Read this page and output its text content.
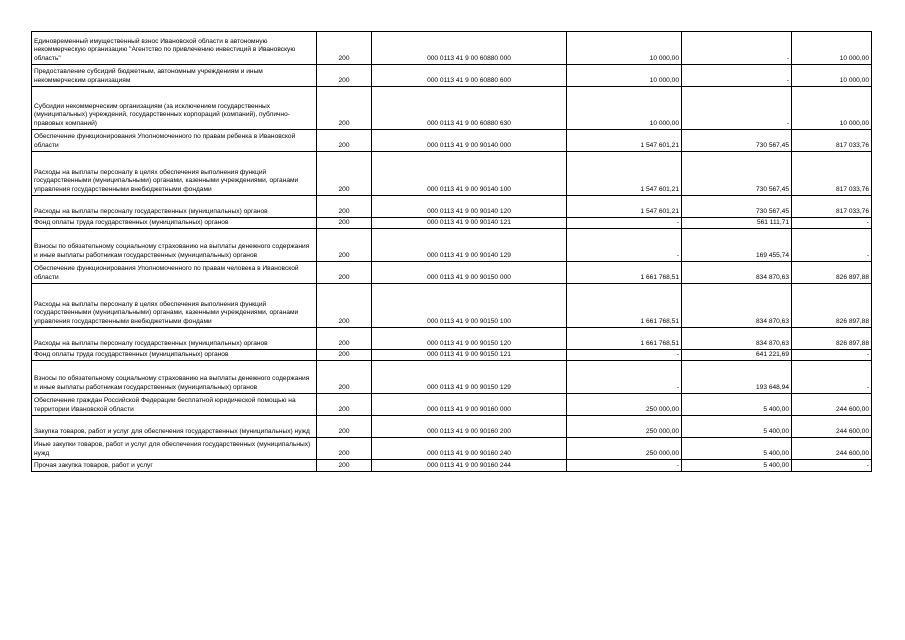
Единовременный имущественный взнос Ивановской области в автономную некоммерческую организацию "Агентство по привлечению инвестиций в Ивановскую область"	200	000 0113 41 9 00 60880 000	10 000,00	-	10 000,00
Предоставление субсидий бюджетным, автономным учреждениям и иным некоммерческим организациям	200	000 0113 41 9 00 60880 600	10 000,00	-	10 000,00
Субсидии некоммерческим организациям (за исключением государственных (муниципальных) учреждений, государственных корпораций (компаний), публично-правовых компаний)	200	000 0113 41 9 00 60880 630	10 000,00	-	10 000,00
Обеспечение функционирования Уполномоченного по правам ребенка в Ивановской области	200	000 0113 41 9 00 90140 000	1 547 601,21	730 567,45	817 033,76
Расходы на выплаты персоналу в целях обеспечения выполнения функций государственными (муниципальными) органами, казенными учреждениями, органами управления государственными внебюджетными фондами	200	000 0113 41 9 00 90140 100	1 547 601,21	730 567,45	817 033,76
Расходы на выплаты персоналу государственных (муниципальных) органов	200	000 0113 41 9 00 90140 120	1 547 601,21	730 567,45	817 033,76
Фонд оплаты труда государственных (муниципальных) органов	200	000 0113 41 9 00 90140 121	-	561 111,71	-
Взносы по обязательному социальному страхованию на выплаты денежного содержания и иные выплаты работникам государственных (муниципальных) органов	200	000 0113 41 9 00 90140 129	-	169 455,74	-
Обеспечение функционирования Уполномоченного по правам человека в Ивановской области	200	000 0113 41 9 00 90150 000	1 661 768,51	834 870,63	826 897,88
Расходы на выплаты персоналу в целях обеспечения выполнения функций государственными (муниципальными) органами, казенными учреждениями, органами управления государственными внебюджетными фондами	200	000 0113 41 9 00 90150 100	1 661 768,51	834 870,63	826 897,88
Расходы на выплаты персоналу государственных (муниципальных) органов	200	000 0113 41 9 00 90150 120	1 661 768,51	834 870,63	826 897,88
Фонд оплаты труда государственных (муниципальных) органов	200	000 0113 41 9 00 90150 121	-	641 221,69	-
Взносы по обязательному социальному страхованию на выплаты денежного содержания и иные выплаты работникам государственных (муниципальных) органов	200	000 0113 41 9 00 90150 129	-	193 648,94	-
Обеспечение граждан Российской Федерации бесплатной юридической помощью на территории Ивановской области	200	000 0113 41 9 00 90160 000	250 000,00	5 400,00	244 600,00
Закупка товаров, работ и услуг для обеспечения государственных (муниципальных) нужд	200	000 0113 41 9 00 90160 200	250 000,00	5 400,00	244 600,00
Иные закупки товаров, работ и услуг для обеспечения государственных (муниципальных) нужд	200	000 0113 41 9 00 90160 240	250 000,00	5 400,00	244 600,00
Прочая закупка товаров, работ и услуг	200	000 0113 41 9 00 90160 244	-	5 400,00	-
